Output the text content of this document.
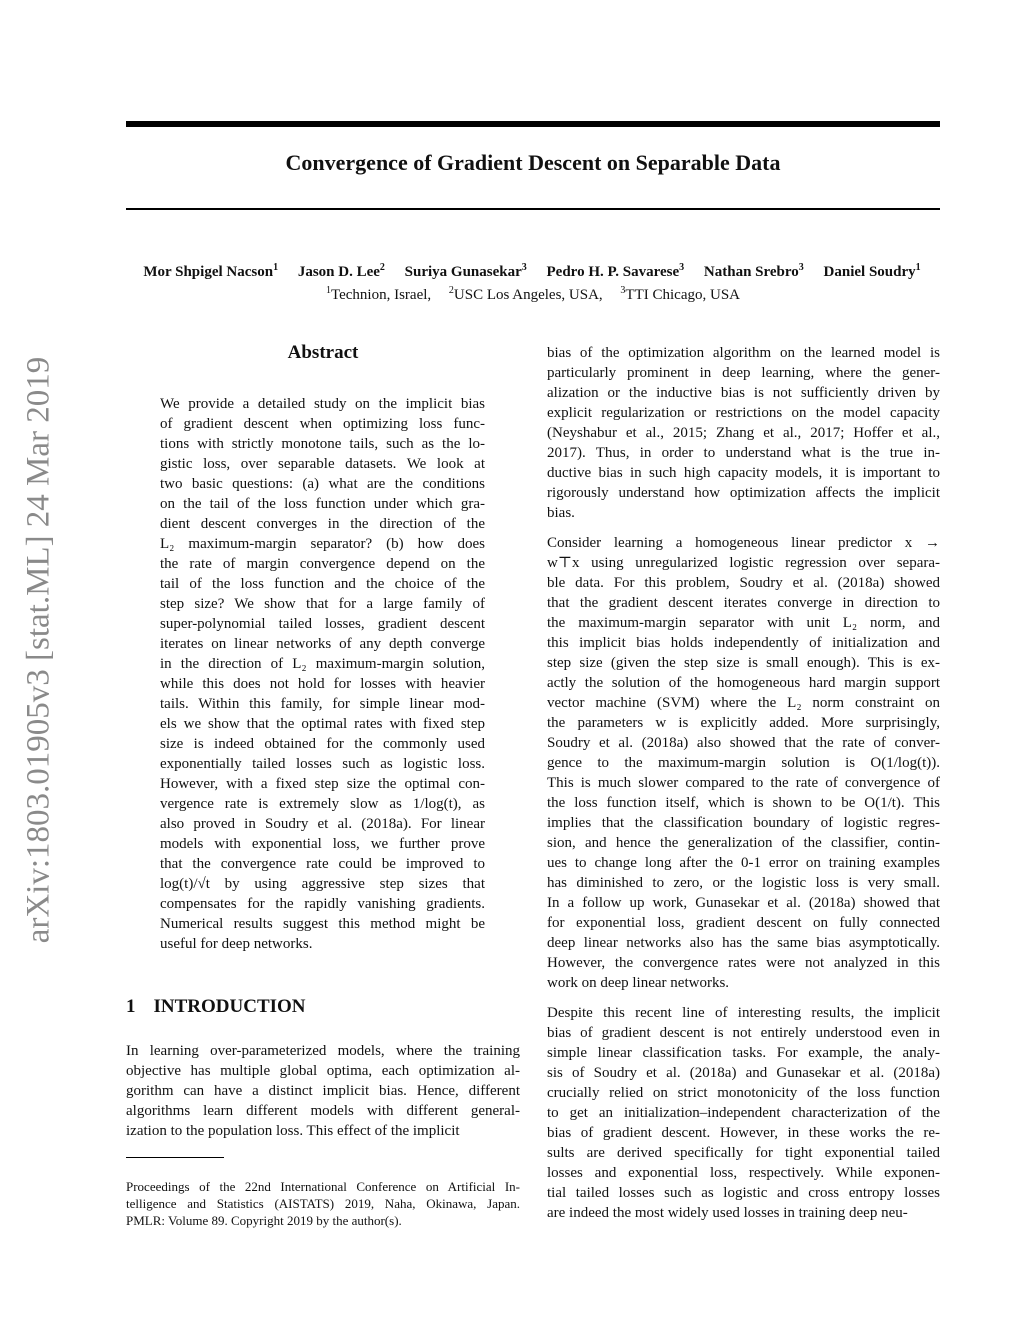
Convergence of Gradient Descent on Separable Data
Mor Shpigel Nacson$^1$ Jason D. Lee$^2$ Suriya Gunasekar$^3$ Pedro H. P. Savarese$^3$ Nathan Srebro$^3$ Daniel Soudry$^1$
$^1$Technion, Israel, $^2$USC Los Angeles, USA, $^3$TTI Chicago, USA
arXiv:1803.01905v3 [stat.ML] 24 Mar 2019
Abstract
We provide a detailed study on the implicit bias
of gradient descent when optimizing loss func-
tions with strictly monotone tails, such as the lo-
gistic loss, over separable datasets. We look at
two basic questions: (a) what are the conditions
on the tail of the loss function under which gra-
dient descent converges in the direction of the
L₂ maximum-margin separator? (b) how does
the rate of margin convergence depend on the
tail of the loss function and the choice of the
step size? We show that for a large family of
super-polynomial tailed losses, gradient descent
iterates on linear networks of any depth converge
in the direction of L₂ maximum-margin solution,
while this does not hold for losses with heavier
tails. Within this family, for simple linear mod-
els we show that the optimal rates with fixed step
size is indeed obtained for the commonly used
exponentially tailed losses such as logistic loss.
However, with a fixed step size the optimal con-
vergence rate is extremely slow as 1/log(t), as
also proved in Soudry et al. (2018a). For linear
models with exponential loss, we further prove
that the convergence rate could be improved to
log(t)/√t by using aggressive step sizes that
compensates for the rapidly vanishing gradients.
Numerical results suggest this method might be
useful for deep networks.
1 INTRODUCTION
In learning over-parameterized models, where the training
objective has multiple global optima, each optimization al-
gorithm can have a distinct implicit bias. Hence, different
algorithms learn different models with different general-
ization to the population loss. This effect of the implicit
Proceedings of the 22nd International Conference on Artificial In-
telligence and Statistics (AISTATS) 2019, Naha, Okinawa, Japan.
PMLR: Volume 89. Copyright 2019 by the author(s).
bias of the optimization algorithm on the learned model is
particularly prominent in deep learning, where the gener-
alization or the inductive bias is not sufficiently driven by
explicit regularization or restrictions on the model capacity
(Neyshabur et al., 2015; Zhang et al., 2017; Hoffer et al.,
2017). Thus, in order to understand what is the true in-
ductive bias in such high capacity models, it is important to
rigorously understand how optimization affects the implicit
bias.
Consider learning a homogeneous linear predictor x →
w⊤x using unregularized logistic regression over separa-
ble data. For this problem, Soudry et al. (2018a) showed
that the gradient descent iterates converge in direction to
the maximum-margin separator with unit L₂ norm, and
this implicit bias holds independently of initialization and
step size (given the step size is small enough). This is ex-
actly the solution of the homogeneous hard margin support
vector machine (SVM) where the L₂ norm constraint on
the parameters w is explicitly added. More surprisingly,
Soudry et al. (2018a) also showed that the rate of conver-
gence to the maximum-margin solution is O(1/log(t)).
This is much slower compared to the rate of convergence of
the loss function itself, which is shown to be O(1/t). This
implies that the classification boundary of logistic regres-
sion, and hence the generalization of the classifier, contin-
ues to change long after the 0-1 error on training examples
has diminished to zero, or the logistic loss is very small.
In a follow up work, Gunasekar et al. (2018a) showed that
for exponential loss, gradient descent on fully connected
deep linear networks also has the same bias asymptotically.
However, the convergence rates were not analyzed in this
work on deep linear networks.
Despite this recent line of interesting results, the implicit
bias of gradient descent is not entirely understood even in
simple linear classification tasks. For example, the analy-
sis of Soudry et al. (2018a) and Gunasekar et al. (2018a)
crucially relied on strict monotonicity of the loss function
to get an initialization–independent characterization of the
bias of gradient descent. However, in these works the re-
sults are derived specifically for tight exponential tailed
losses and exponential loss, respectively. While exponen-
tial tailed losses such as logistic and cross entropy losses
are indeed the most widely used losses in training deep neu-
